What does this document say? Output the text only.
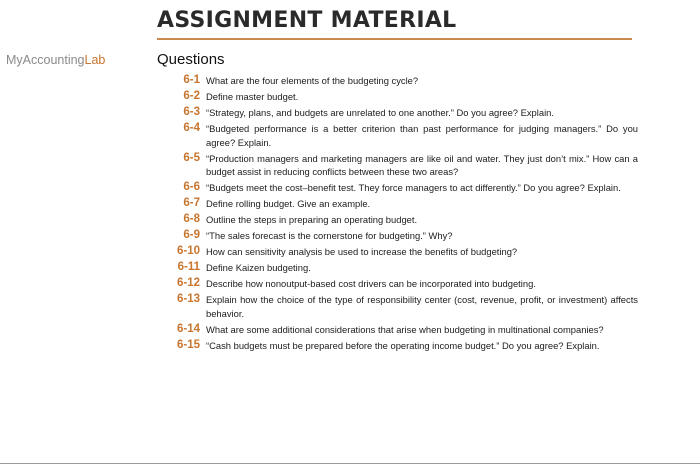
ASSIGNMENT MATERIAL
MyAccountingLab	Questions
6-1 What are the four elements of the budgeting cycle?
6-2 Define master budget.
6-3 “Strategy, plans, and budgets are unrelated to one another.” Do you agree? Explain.
6-4 “Budgeted performance is a better criterion than past performance for judging managers.” Do you agree? Explain.
6-5 “Production managers and marketing managers are like oil and water. They just don’t mix.” How can a budget assist in reducing conflicts between these two areas?
6-6 “Budgets meet the cost–benefit test. They force managers to act differently.” Do you agree? Explain.
6-7 Define rolling budget. Give an example.
6-8 Outline the steps in preparing an operating budget.
6-9 “The sales forecast is the cornerstone for budgeting.” Why?
6-10 How can sensitivity analysis be used to increase the benefits of budgeting?
6-11 Define Kaizen budgeting.
6-12 Describe how nonoutput-based cost drivers can be incorporated into budgeting.
6-13 Explain how the choice of the type of responsibility center (cost, revenue, profit, or investment) affects behavior.
6-14 What are some additional considerations that arise when budgeting in multinational companies?
6-15 “Cash budgets must be prepared before the operating income budget.” Do you agree? Explain.
